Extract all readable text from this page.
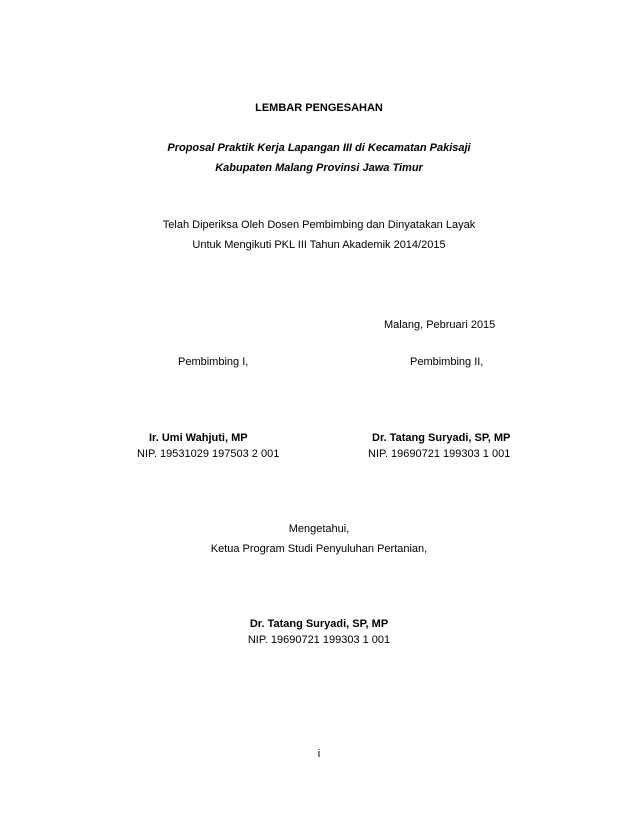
LEMBAR PENGESAHAN
Proposal Praktik Kerja Lapangan III di Kecamatan Pakisaji
Kabupaten Malang Provinsi Jawa Timur
Telah Diperiksa Oleh Dosen Pembimbing dan Dinyatakan Layak
Untuk Mengikuti PKL III Tahun Akademik 2014/2015
Malang, Pebruari 2015
Pembimbing I,	Pembimbing II,
Ir. Umi Wahjuti, MP
NIP. 19531029 197503 2 001
Dr. Tatang Suryadi, SP, MP
NIP. 19690721 199303 1 001
Mengetahui,
Ketua Program Studi Penyuluhan Pertanian,
Dr. Tatang Suryadi, SP, MP
NIP. 19690721 199303 1 001
i
